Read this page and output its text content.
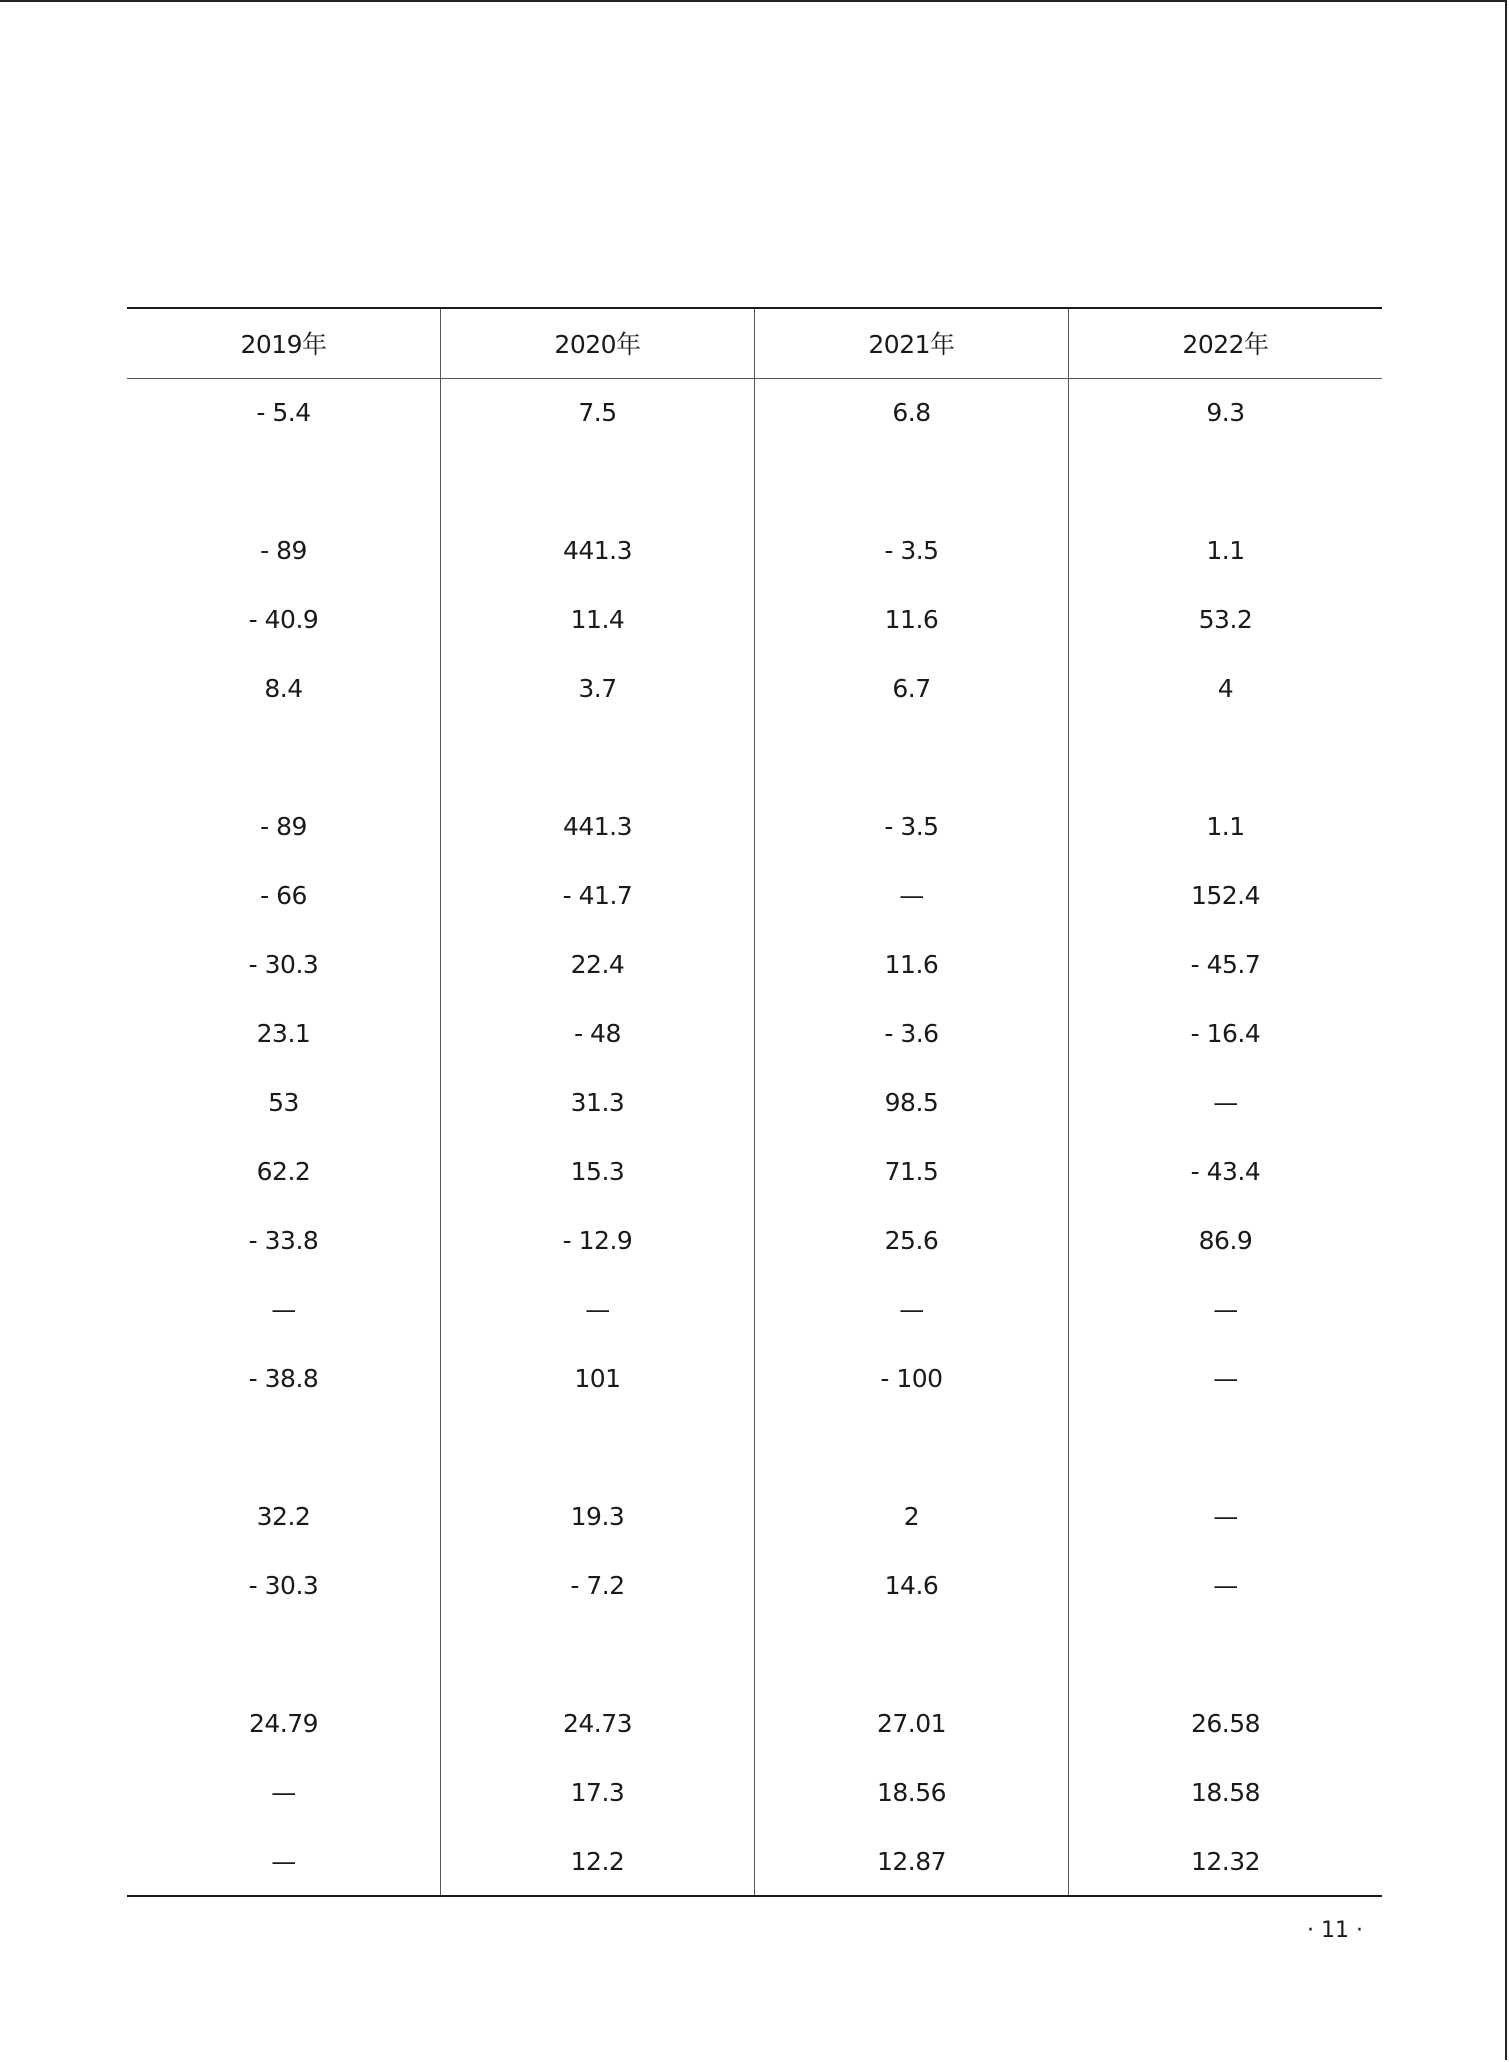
2019年	2020年	2021年	2022年
- 5.4	7.5	6.8	9.3

- 89	441.3	- 3.5	1.1
- 40.9	11.4	11.6	53.2
8.4	3.7	6.7	4

- 89	441.3	- 3.5	1.1
- 66	- 41.7	—	152.4
- 30.3	22.4	11.6	- 45.7
23.1	- 48	- 3.6	- 16.4
53	31.3	98.5	—
62.2	15.3	71.5	- 43.4
- 33.8	- 12.9	25.6	86.9
—	—	—	—
- 38.8	101	- 100	—

32.2	19.3	2	—
- 30.3	- 7.2	14.6	—

24.79	24.73	27.01	26.58
—	17.3	18.56	18.58
—	12.2	12.87	12.32
· 11 ·
